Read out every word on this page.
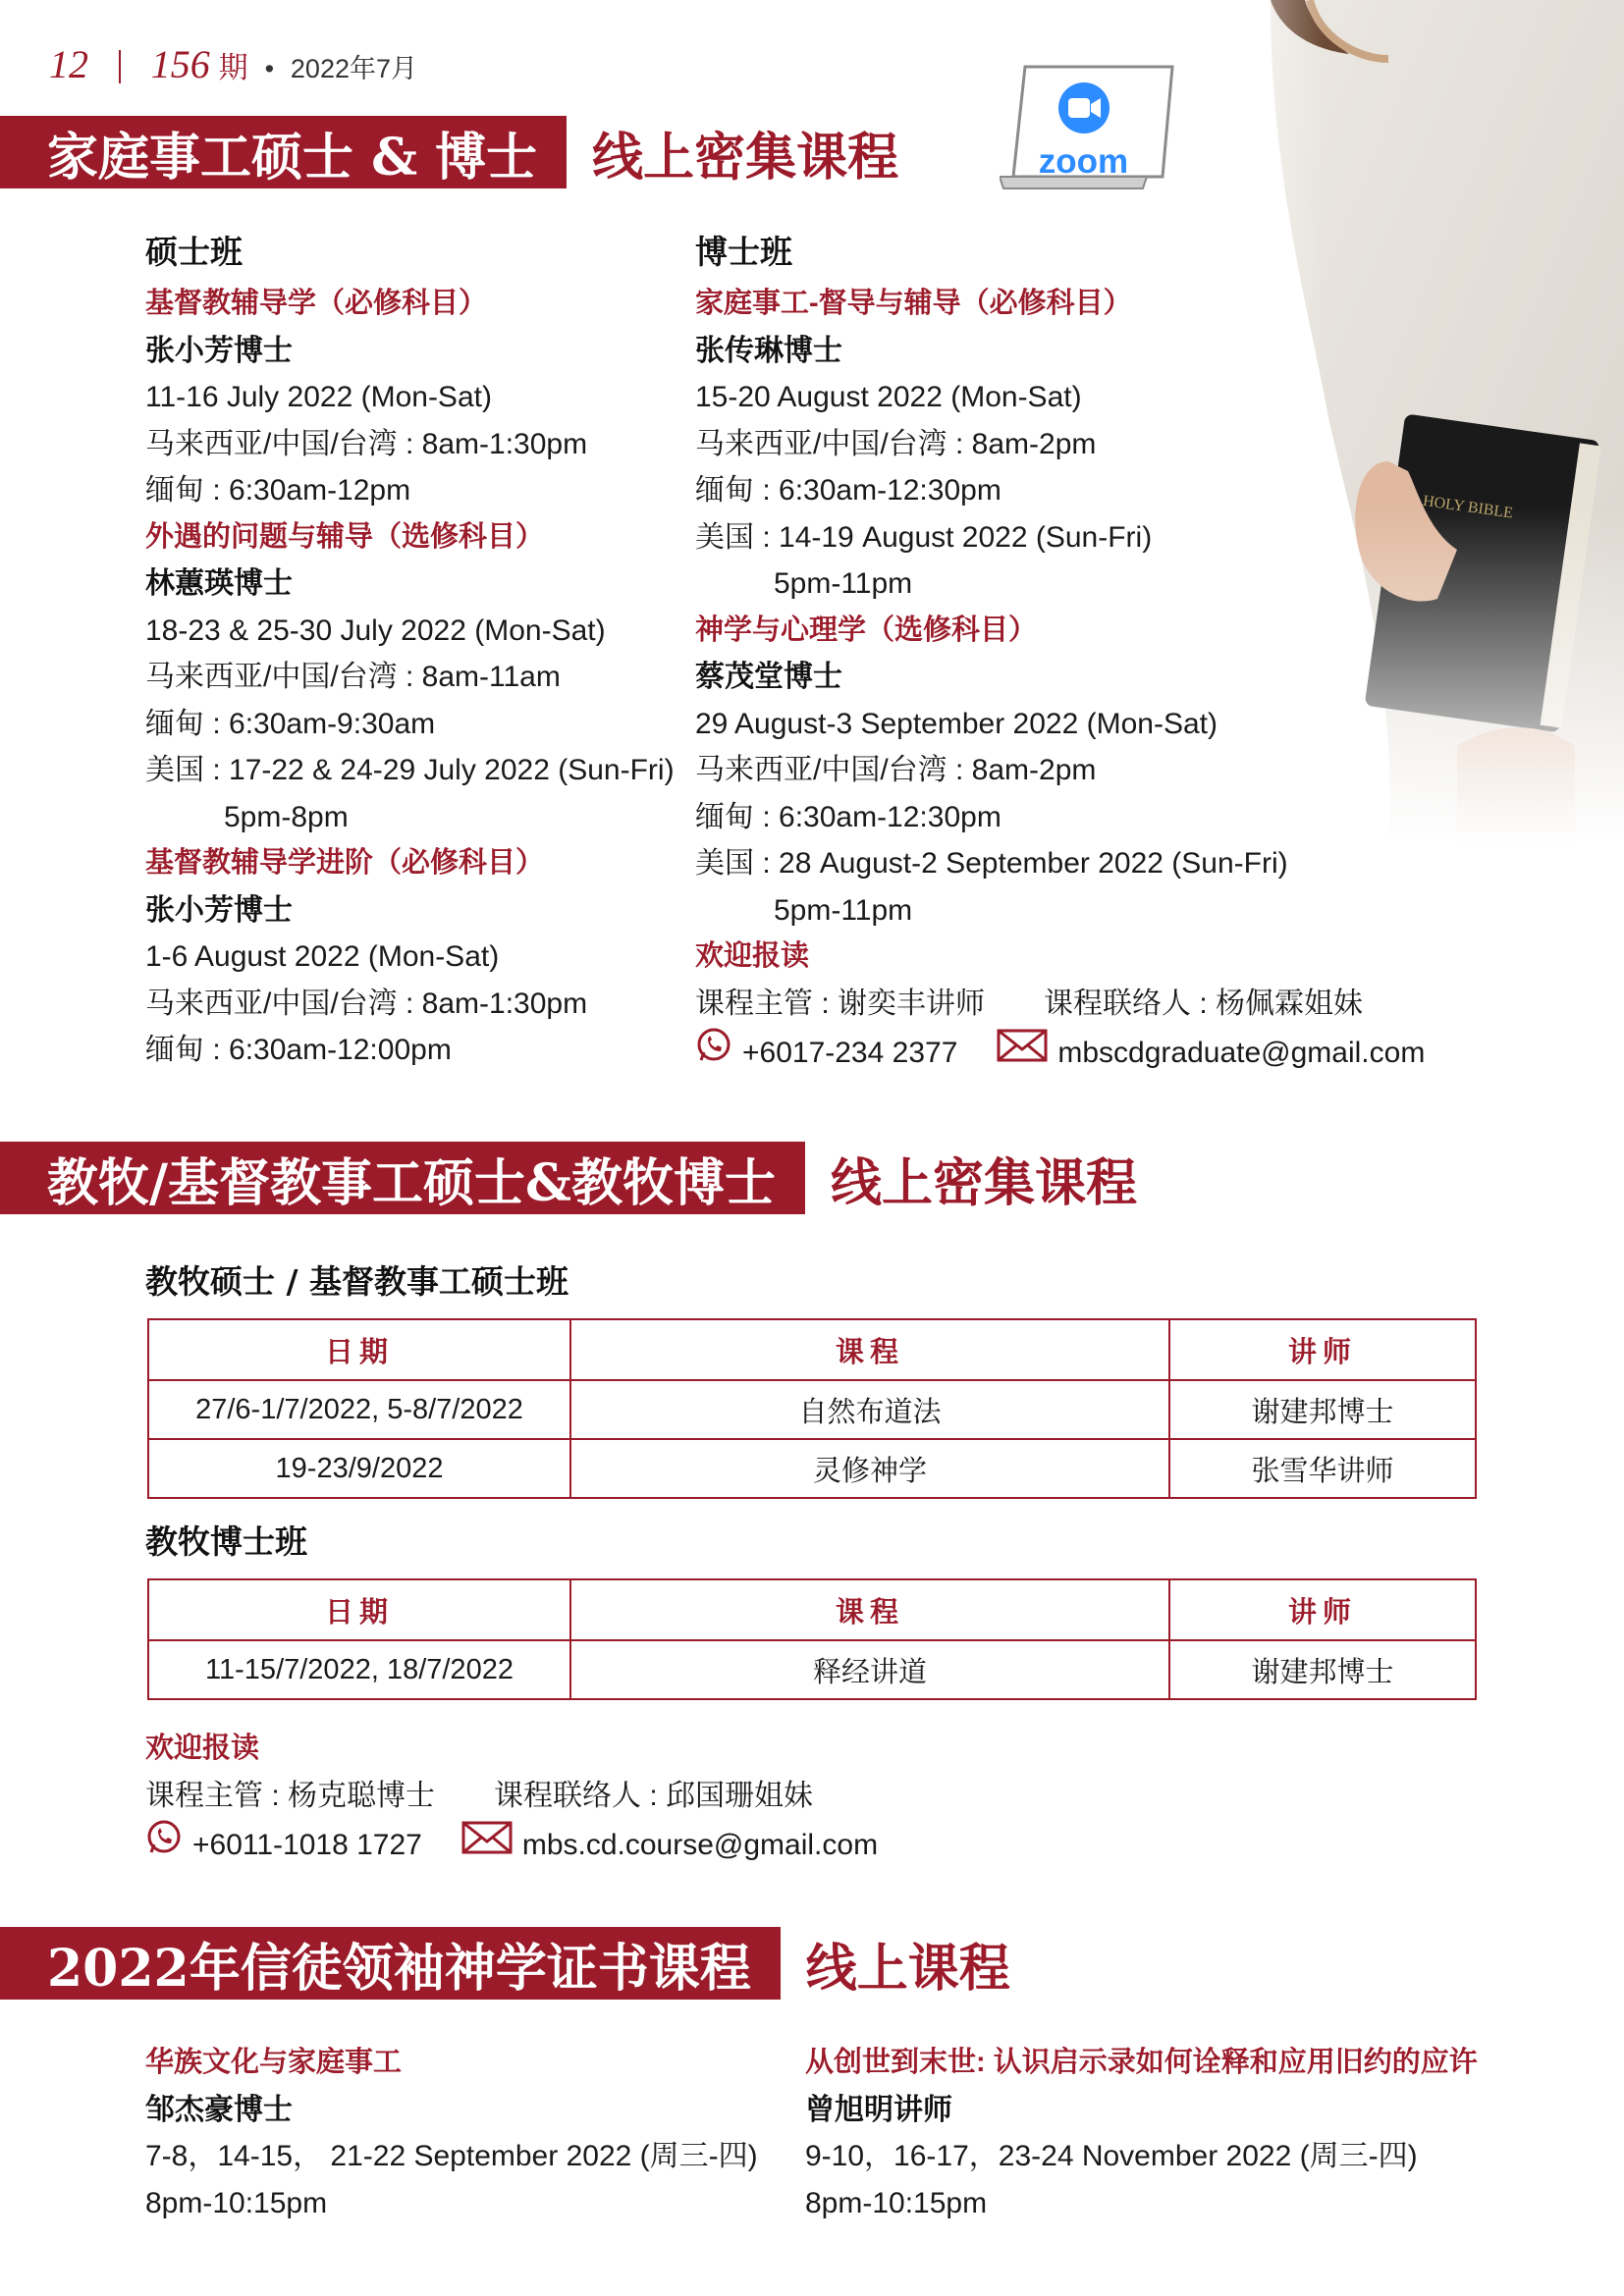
12 156 期 • 2022年7月
zoom
家庭事工硕士 & 博士	线上密集课程
硕士班
基督教辅导学（必修科目）
张小芳博士
11-16 July 2022 (Mon-Sat)
马来西亚/中国/台湾 : 8am-1:30pm
缅甸 : 6:30am-12pm
外遇的问题与辅导（选修科目）
林蕙瑛博士
18-23 & 25-30 July 2022 (Mon-Sat)
马来西亚/中国/台湾 : 8am-11am
缅甸 : 6:30am-9:30am
美国 : 17-22 & 24-29 July 2022 (Sun-Fri)
5pm-8pm
基督教辅导学进阶（必修科目）
张小芳博士
1-6 August 2022 (Mon-Sat)
马来西亚/中国/台湾 : 8am-1:30pm
缅甸 : 6:30am-12:00pm
博士班
家庭事工-督导与辅导（必修科目）
张传琳博士
15-20 August 2022 (Mon-Sat)
马来西亚/中国/台湾 : 8am-2pm
缅甸 : 6:30am-12:30pm
美国 : 14-19 August 2022 (Sun-Fri)
5pm-11pm
神学与心理学（选修科目）
蔡茂堂博士
29 August-3 September 2022 (Mon-Sat)
马来西亚/中国/台湾 : 8am-2pm
缅甸 : 6:30am-12:30pm
美国 : 28 August-2 September 2022 (Sun-Fri)
5pm-11pm
欢迎报读
课程主管 : 谢奕丰讲师　　课程联络人 : 杨佩霖姐妹
+6017-234 2377	mbscdgraduate@gmail.com
教牧/基督教事工硕士&教牧博士	线上密集课程
教牧硕士 / 基督教事工硕士班
日期	课程	讲师
27/6-1/7/2022, 5-8/7/2022	自然布道法	谢建邦博士
19-23/9/2022	灵修神学	张雪华讲师
教牧博士班
日期	课程	讲师
11-15/7/2022, 18/7/2022	释经讲道	谢建邦博士
欢迎报读
课程主管 : 杨克聪博士　　课程联络人 : 邱国珊姐妹
+6011-1018 1727	mbs.cd.course@gmail.com
2022年信徒领袖神学证书课程	线上课程
华族文化与家庭事工
邹杰豪博士
7-8，14-15， 21-22 September 2022 (周三-四)
8pm-10:15pm
从创世到末世: 认识启示录如何诠释和应用旧约的应许
曾旭明讲师
9-10，16-17，23-24 November 2022 (周三-四)
8pm-10:15pm
